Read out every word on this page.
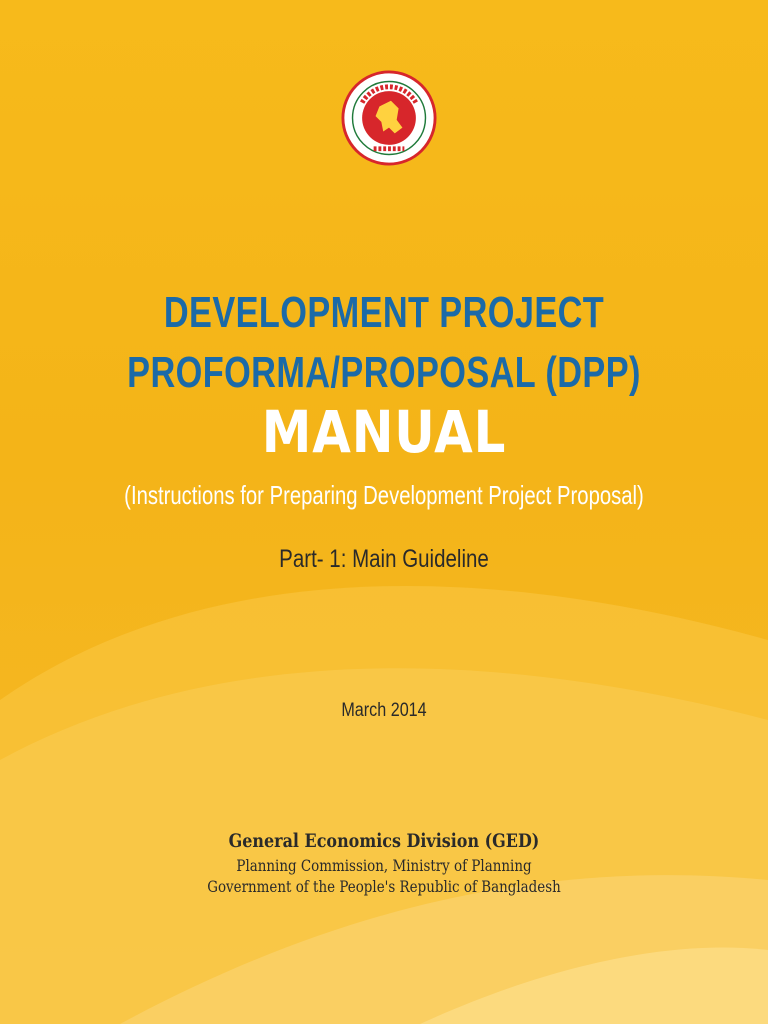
DEVELOPMENT PROJECT
PROFORMA/PROPOSAL (DPP)
MANUAL
(Instructions for Preparing Development Project Proposal)
Part- 1: Main Guideline
March 2014
General Economics Division (GED)
Planning Commission, Ministry of Planning
Government of the People's Republic of Bangladesh
